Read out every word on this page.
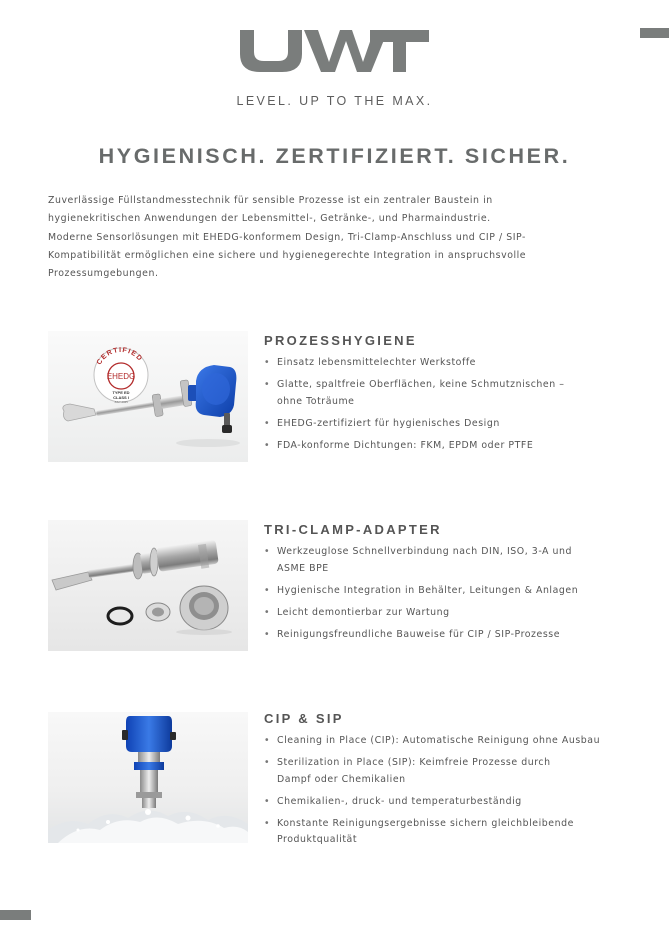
LEVEL. UP TO THE MAX.
HYGIENISCH. ZERTIFIZIERT. SICHER.

Zuverlässige Füllstandmesstechnik für sensible Prozesse ist ein zentraler Baustein in

hygienekritischen Anwendungen der Lebensmittel-, Getränke-, und Pharmaindustrie.

Moderne Sensorlösungen mit EHEDG-konformem Design, Tri-Clamp-Anschluss und CIP / SIP-

Kompatibilität ermöglichen eine sichere und hygienegerechte Integration in anspruchsvolle

Prozessumgebungen.

CERTIFIED
EHEDG
TYPE ED
CLASS I
JULY 2025
PROZESSHYGIENE
• Einsatz lebensmittelechter Werkstoffe
• Glatte, spaltfreie Oberflächen, keine Schmutznischen –
ohne Toträume
• EHEDG-zertifiziert für hygienisches Design
• FDA-konforme Dichtungen: FKM, EPDM oder PTFE
TRI-CLAMP-ADAPTER
• Werkzeuglose Schnellverbindung nach DIN, ISO, 3-A und
ASME BPE
• Hygienische Integration in Behälter, Leitungen & Anlagen
• Leicht demontierbar zur Wartung
• Reinigungsfreundliche Bauweise für CIP / SIP-Prozesse
CIP & SIP
• Cleaning in Place (CIP): Automatische Reinigung ohne Ausbau
• Sterilization in Place (SIP): Keimfreie Prozesse durch
Dampf oder Chemikalien
• Chemikalien-, druck- und temperaturbeständig
• Konstante Reinigungsergebnisse sichern gleichbleibende
Produktqualität
